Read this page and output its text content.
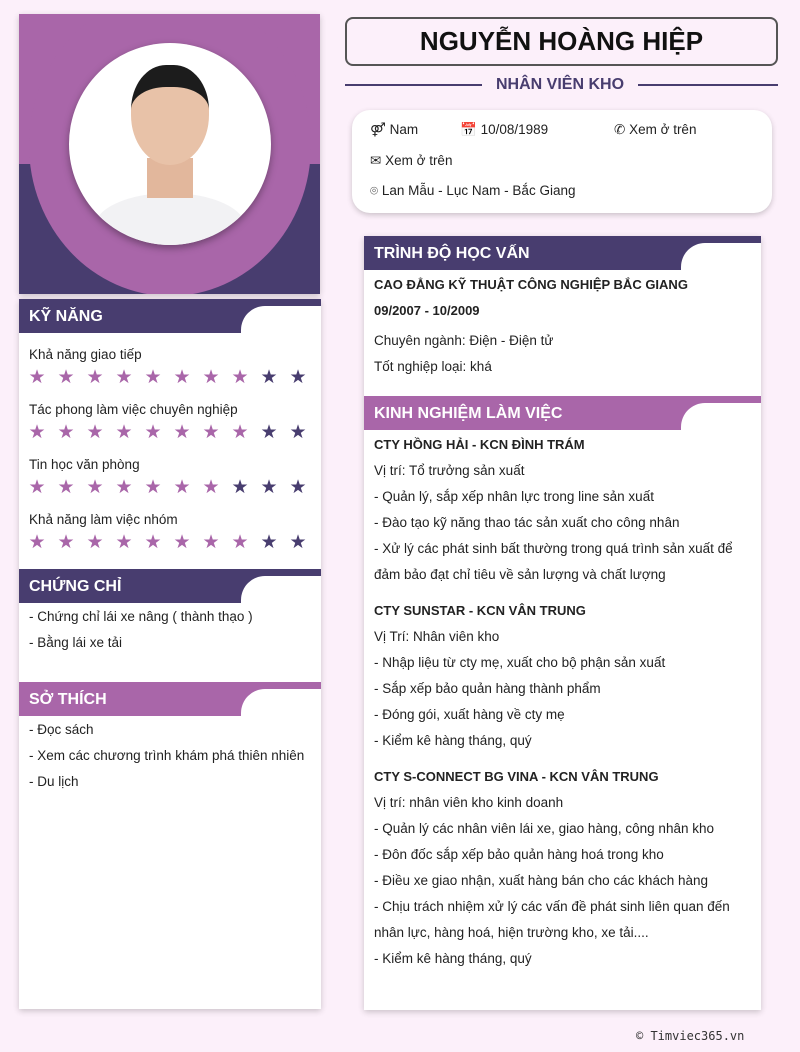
KỸ NĂNG
Khả năng giao tiếp
★ ★ ★ ★ ★ ★ ★ ★ ★ ★
Tác phong làm việc chuyên nghiệp
★ ★ ★ ★ ★ ★ ★ ★ ★ ★
Tin học văn phòng
★ ★ ★ ★ ★ ★ ★ ★ ★ ★
Khả năng làm việc nhóm
★ ★ ★ ★ ★ ★ ★ ★ ★ ★
CHỨNG CHỈ
- Chứng chỉ lái xe nâng ( thành thạo )
- Bằng lái xe tải
SỞ THÍCH
- Đọc sách
- Xem các chương trình khám phá thiên nhiên
- Du lịch
NGUYỄN HOÀNG HIỆP
NHÂN VIÊN KHO
⚤ Nam	📅 10/08/1989	✆ Xem ở trên
✉ Xem ở trên
⌾ Lan Mẫu - Lục Nam - Bắc Giang
TRÌNH ĐỘ HỌC VẤN
CAO ĐẲNG KỸ THUẬT CÔNG NGHIỆP BẮC GIANG
09/2007 - 10/2009
Chuyên ngành: Điện - Điện tử
Tốt nghiệp loại: khá
KINH NGHIỆM LÀM VIỆC
CTY HỒNG HẢI - KCN ĐÌNH TRÁM
Vị trí: Tổ trưởng sản xuất
- Quản lý, sắp xếp nhân lực trong line sản xuất
- Đào tạo kỹ năng thao tác sản xuất cho công nhân
- Xử lý các phát sinh bất thường trong quá trình sản xuất để
đảm bảo đạt chỉ tiêu về sản lượng và chất lượng
CTY SUNSTAR - KCN VÂN TRUNG
Vị Trí: Nhân viên kho
- Nhập liệu từ cty mẹ, xuất cho bộ phận sản xuất
- Sắp xếp bảo quản hàng thành phẩm
- Đóng gói, xuất hàng về cty mẹ
- Kiểm kê hàng tháng, quý
CTY S-CONNECT BG VINA - KCN VÂN TRUNG
Vị trí: nhân viên kho kinh doanh
- Quản lý các nhân viên lái xe, giao hàng, công nhân kho
- Đôn đốc sắp xếp bảo quản hàng hoá trong kho
- Điều xe giao nhận, xuất hàng bán cho các khách hàng
- Chịu trách nhiệm xử lý các vấn đề phát sinh liên quan đến
nhân lực, hàng hoá, hiện trường kho, xe tải....
- Kiểm kê hàng tháng, quý
© Timviec365.vn
